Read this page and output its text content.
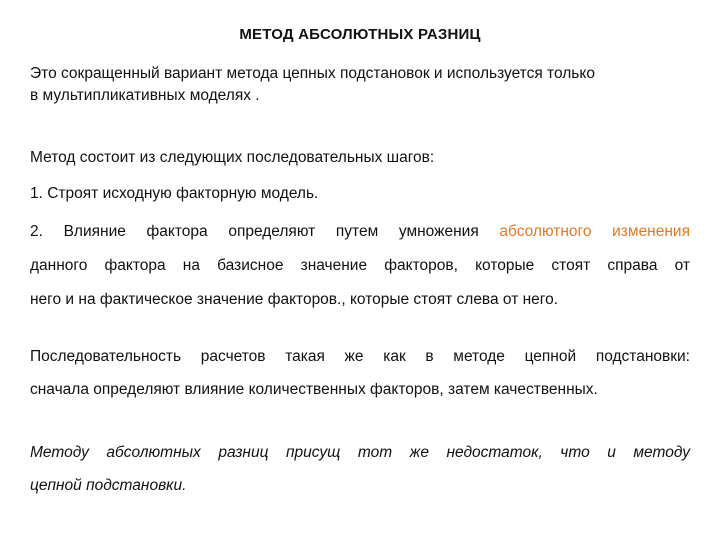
МЕТОД АБСОЛЮТНЫХ РАЗНИЦ
Это сокращенный вариант метода цепных подстановок и используется только
в мультипликативных моделях .
Метод состоит из следующих последовательных шагов:
1. Строят исходную факторную модель.
2. Влияние фактора определяют путем умножения абсолютного изменения
данного фактора на базисное значение факторов, которые стоят справа от
него и на фактическое значение факторов., которые стоят слева от него.
Последовательность расчетов такая же как в методе цепной подстановки:
сначала определяют влияние количественных факторов, затем качественных.
Методу абсолютных разниц присущ тот же недостаток, что и методу
цепной подстановки.
